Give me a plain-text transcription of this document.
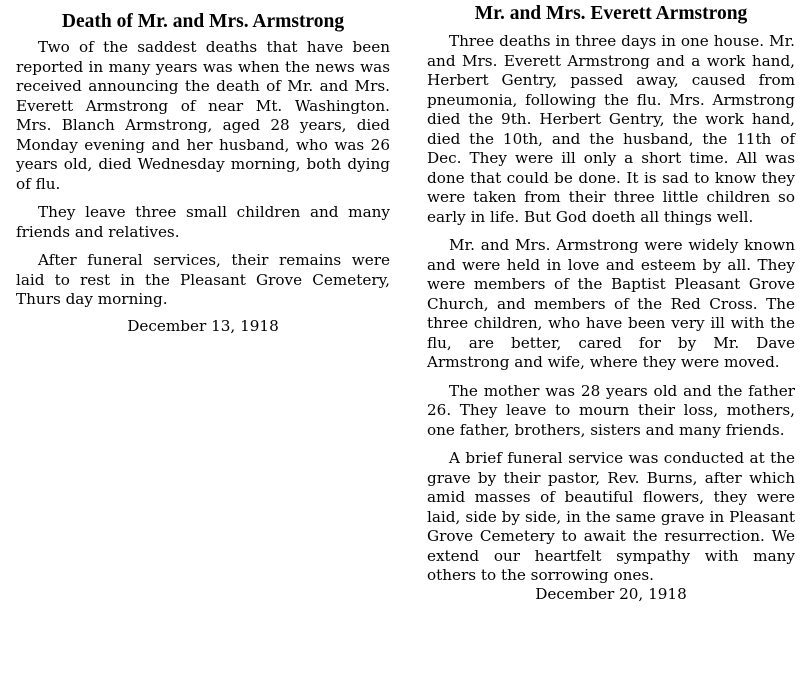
Death of Mr. and Mrs. Armstrong

Two of the saddest deaths that have been reported in many years was when the news was received announcing the death of Mr. and Mrs. Everett Armstrong of near Mt. Washington. Mrs. Blanch Armstrong, aged 28 years, died Monday evening and her husband, who was 26 years old, died Wednesday morning, both dying of flu.

They leave three small children and many friends and relatives.

After funeral services, their remains were laid to rest in the Pleasant Grove Cemetery, Thurs day morning.

December 13, 1918

Mr. and Mrs. Everett Armstrong

Three deaths in three days in one house. Mr. and Mrs. Everett Armstrong and a work hand, Herbert Gentry, passed away, caused from pneumonia, following the flu. Mrs. Armstrong died the 9th. Herbert Gentry, the work hand, died the 10th, and the husband, the 11th of Dec. They were ill only a short time. All was done that could be done. It is sad to know they were taken from their three little children so early in life. But God doeth all things well.

Mr. and Mrs. Armstrong were widely known and were held in love and esteem by all. They were members of the Baptist Pleasant Grove Church, and members of the Red Cross. The three children, who have been very ill with the flu, are better, cared for by Mr. Dave Armstrong and wife, where they were moved.

The mother was 28 years old and the father 26. They leave to mourn their loss, mothers, one father, brothers, sisters and many friends.

A brief funeral service was conducted at the grave by their pastor, Rev. Burns, after which amid masses of beautiful flowers, they were laid, side by side, in the same grave in Pleasant Grove Cemetery to await the resurrection. We extend our heartfelt sympathy with many others to the sorrowing ones.

December 20, 1918
